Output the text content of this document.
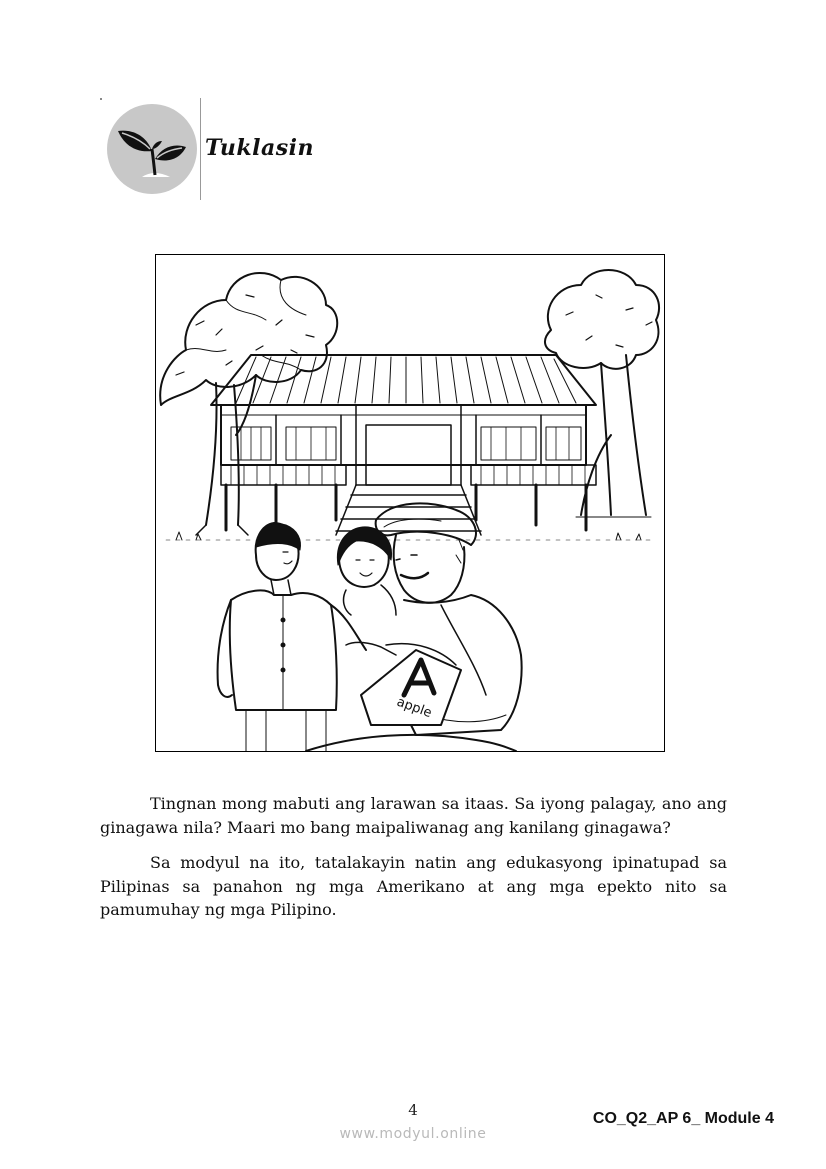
Tuklasin
apple

Tingnan mong mabuti ang larawan sa itaas. Sa iyong palagay, ano ang ginagawa nila? Maari mo bang maipaliwanag ang kanilang ginagawa?

Sa modyul na ito, tatalakayin natin ang edukasyong ipinatupad sa Pilipinas sa panahon ng mga Amerikano at ang mga epekto nito sa pamumuhay ng mga Pilipino.

4	CO_Q2_AP 6_ Module 4
www.modyul.online
